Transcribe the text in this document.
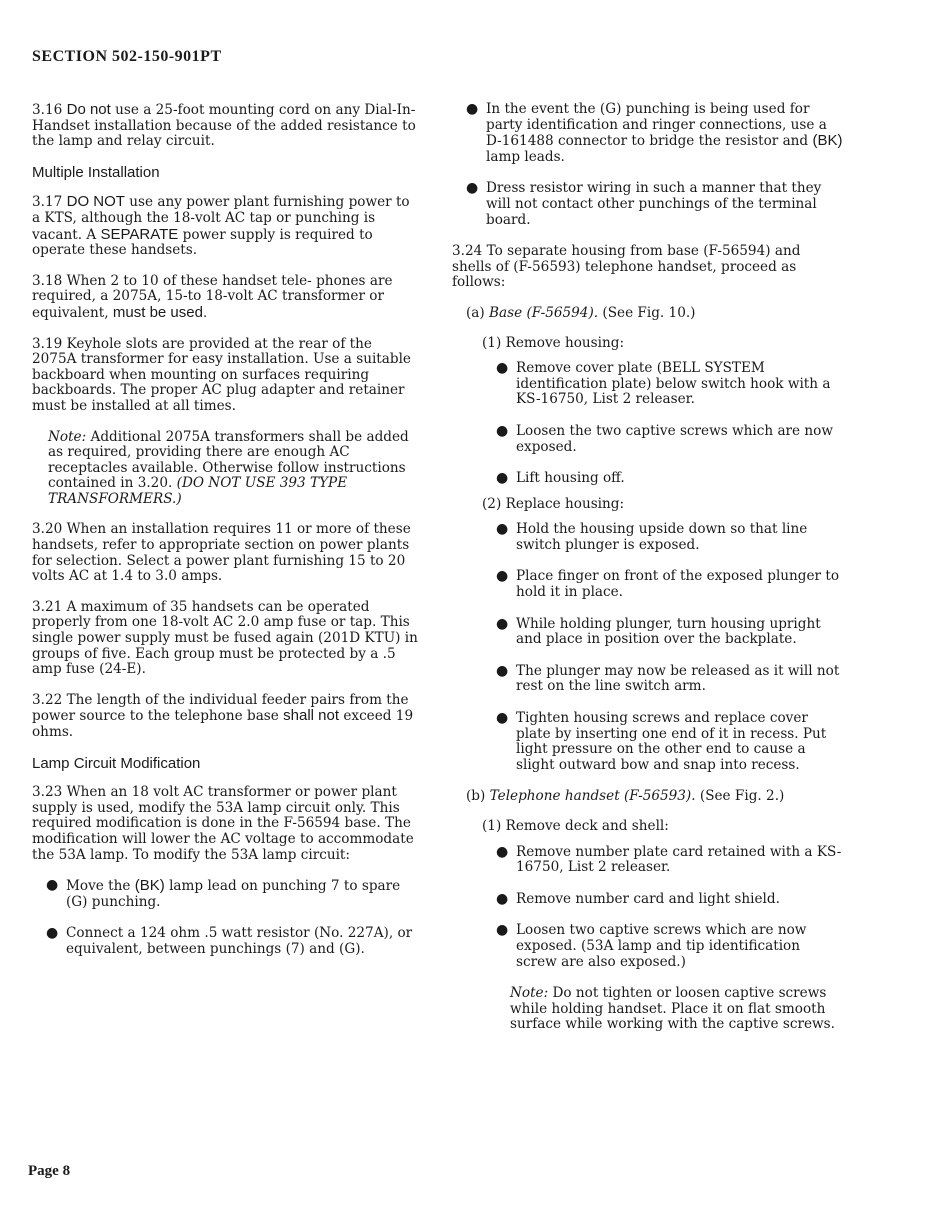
SECTION 502-150-901PT

3.16 Do not use a 25-foot mounting cord on any Dial-In-Handset installation because of the added resistance to the lamp and relay circuit.

Multiple Installation

3.17 DO NOT use any power plant furnishing power to a KTS, although the 18-volt AC tap or punching is vacant. A SEPARATE power supply is required to operate these handsets.

3.18 When 2 to 10 of these handset tele- phones are required, a 2075A, 15-to 18-volt AC transformer or equivalent, must be used.

3.19 Keyhole slots are provided at the rear of the 2075A transformer for easy installation. Use a suitable backboard when mounting on surfaces requiring backboards. The proper AC plug adapter and retainer must be installed at all times.

Note: Additional 2075A transformers shall be added as required, providing there are enough AC receptacles available. Otherwise follow instructions contained in 3.20. (DO NOT USE 393 TYPE TRANSFORMERS.)

3.20 When an installation requires 11 or more of these handsets, refer to appropriate section on power plants for selection. Select a power plant furnishing 15 to 20 volts AC at 1.4 to 3.0 amps.

3.21 A maximum of 35 handsets can be operated properly from one 18-volt AC 2.0 amp fuse or tap. This single power supply must be fused again (201D KTU) in groups of five. Each group must be protected by a .5 amp fuse (24-E).

3.22 The length of the individual feeder pairs from the power source to the telephone base shall not exceed 19 ohms.

Lamp Circuit Modification

3.23 When an 18 volt AC transformer or power plant supply is used, modify the 53A lamp circuit only. This required modification is done in the F-56594 base. The modification will lower the AC voltage to accommodate the 53A lamp. To modify the 53A lamp circuit:

● Move the (BK) lamp lead on punching 7 to spare (G) punching.
● Connect a 124 ohm .5 watt resistor (No. 227A), or equivalent, between punchings (7) and (G).
● In the event the (G) punching is being used for party identification and ringer connections, use a D-161488 connector to bridge the resistor and (BK) lamp leads.
● Dress resistor wiring in such a manner that they will not contact other punchings of the terminal board.

3.24 To separate housing from base (F-56594) and shells of (F-56593) telephone handset, proceed as follows:

(a) Base (F-56594). (See Fig. 10.)
(1) Remove housing:
● Remove cover plate (BELL SYSTEM identification plate) below switch hook with a KS-16750, List 2 releaser.
● Loosen the two captive screws which are now exposed.
● Lift housing off.
(2) Replace housing:
● Hold the housing upside down so that line switch plunger is exposed.
● Place finger on front of the exposed plunger to hold it in place.
● While holding plunger, turn housing upright and place in position over the backplate.
● The plunger may now be released as it will not rest on the line switch arm.
● Tighten housing screws and replace cover plate by inserting one end of it in recess. Put light pressure on the other end to cause a slight outward bow and snap into recess.
(b) Telephone handset (F-56593). (See Fig. 2.)
(1) Remove deck and shell:
● Remove number plate card retained with a KS-16750, List 2 releaser.
● Remove number card and light shield.
● Loosen two captive screws which are now exposed. (53A lamp and tip identification screw are also exposed.)

Note: Do not tighten or loosen captive screws while holding handset. Place it on flat smooth surface while working with the captive screws.

Page 8
